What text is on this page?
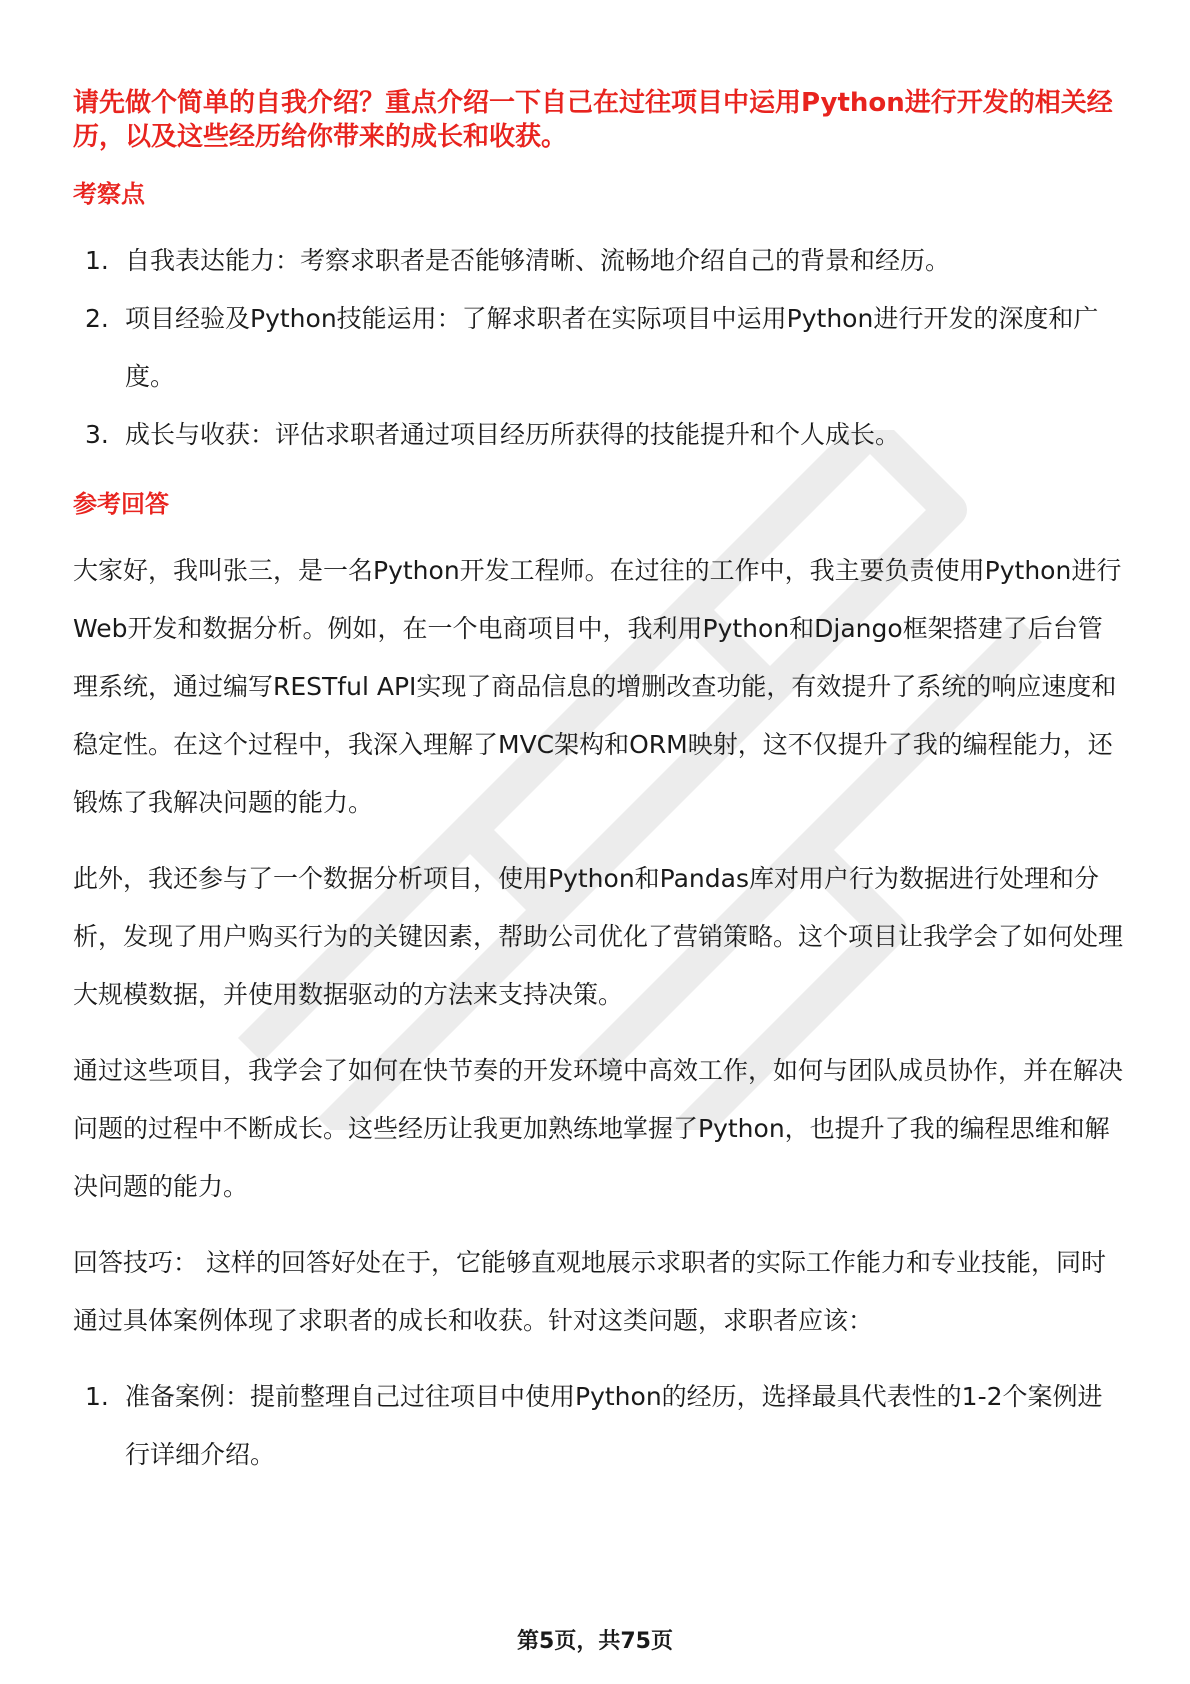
请先做个简单的自我介绍？重点介绍一下自己在过往项目中运用Python进行开发的相关经历，以及这些经历给你带来的成长和收获。

考察点
1. 自我表达能力：考察求职者是否能够清晰、流畅地介绍自己的背景和经历。
2. 项目经验及Python技能运用：了解求职者在实际项目中运用Python进行开发的深度和广度。
3. 成长与收获：评估求职者通过项目经历所获得的技能提升和个人成长。
参考回答

大家好，我叫张三，是一名Python开发工程师。在过往的工作中，我主要负责使用Python进行Web开发和数据分析。例如，在一个电商项目中，我利用Python和Django框架搭建了后台管理系统，通过编写RESTful API实现了商品信息的增删改查功能，有效提升了系统的响应速度和稳定性。在这个过程中，我深入理解了MVC架构和ORM映射，这不仅提升了我的编程能力，还锻炼了我解决问题的能力。

此外，我还参与了一个数据分析项目，使用Python和Pandas库对用户行为数据进行处理和分析，发现了用户购买行为的关键因素，帮助公司优化了营销策略。这个项目让我学会了如何处理大规模数据，并使用数据驱动的方法来支持决策。

通过这些项目，我学会了如何在快节奏的开发环境中高效工作，如何与团队成员协作，并在解决问题的过程中不断成长。这些经历让我更加熟练地掌握了Python，也提升了我的编程思维和解决问题的能力。

回答技巧： 这样的回答好处在于，它能够直观地展示求职者的实际工作能力和专业技能，同时通过具体案例体现了求职者的成长和收获。针对这类问题，求职者应该：

1. 准备案例：提前整理自己过往项目中使用Python的经历，选择最具代表性的1-2个案例进行详细介绍。
第5页，共75页
